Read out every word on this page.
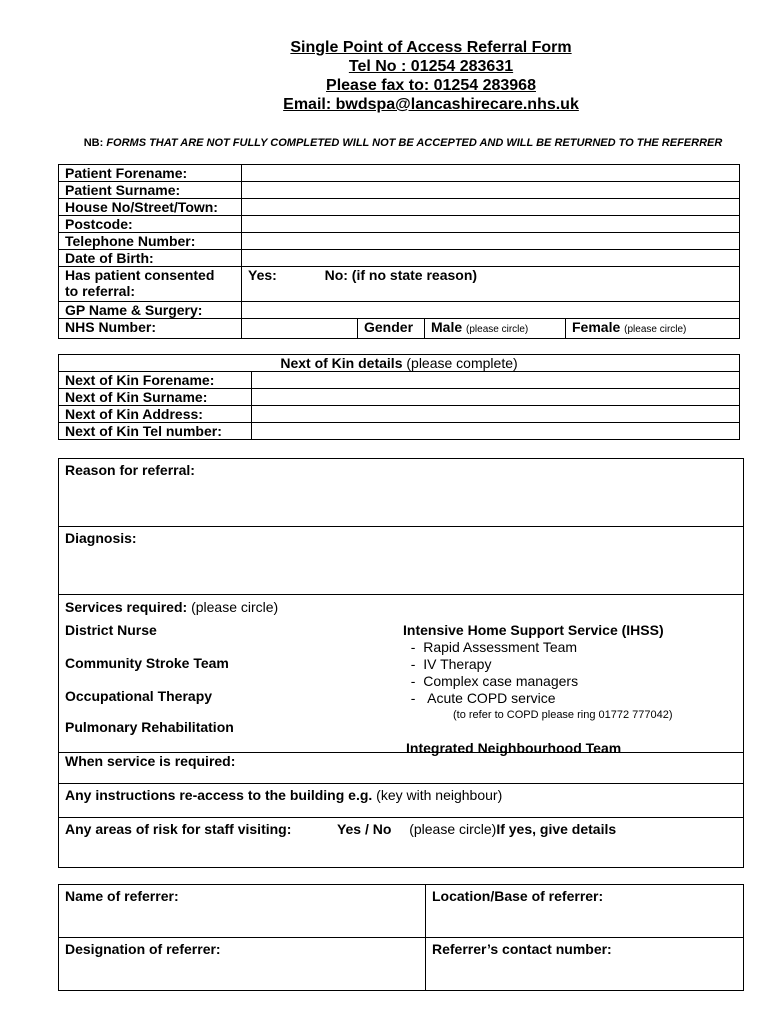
Single Point of Access Referral Form
Tel No : 01254 283631
Please fax to: 01254 283968
Email: bwdspa@lancashirecare.nhs.uk
NB: FORMS THAT ARE NOT FULLY COMPLETED WILL NOT BE ACCEPTED AND WILL BE RETURNED TO THE REFERRER
Patient Forename:				
Patient Surname:				
House No/Street/Town:				
Postcode:				
Telephone Number:				
Date of Birth:				

Has patient consented
to referral:	Yes: No: (if no state reason)			
GP Name & Surgery:				
NHS Number:		Gender	Male (please circle)	Female (please circle)
Next of Kin details (please complete)	
Next of Kin Forename:	
Next of Kin Surname:	
Next of Kin Address:	
Next of Kin Tel number:	
Reason for referral:
Diagnosis:

Services required: (please circle)
District Nurse
Community Stroke Team
Occupational Therapy
Pulmonary Rehabilitation
Intensive Home Support Service (IHSS)
-  Rapid Assessment Team
-  IV Therapy
-  Complex case managers
-   Acute COPD service
(to refer to COPD please ring 01772 777042)
Integrated Neighbourhood Team

When service is required:
Any instructions re-access to the building e.g. (key with neighbour)
Any areas of risk for staff visiting:	Yes / No (please circle)If yes, give details
Name of referrer:	Location/Base of referrer:
Designation of referrer:	Referrer’s contact number:
